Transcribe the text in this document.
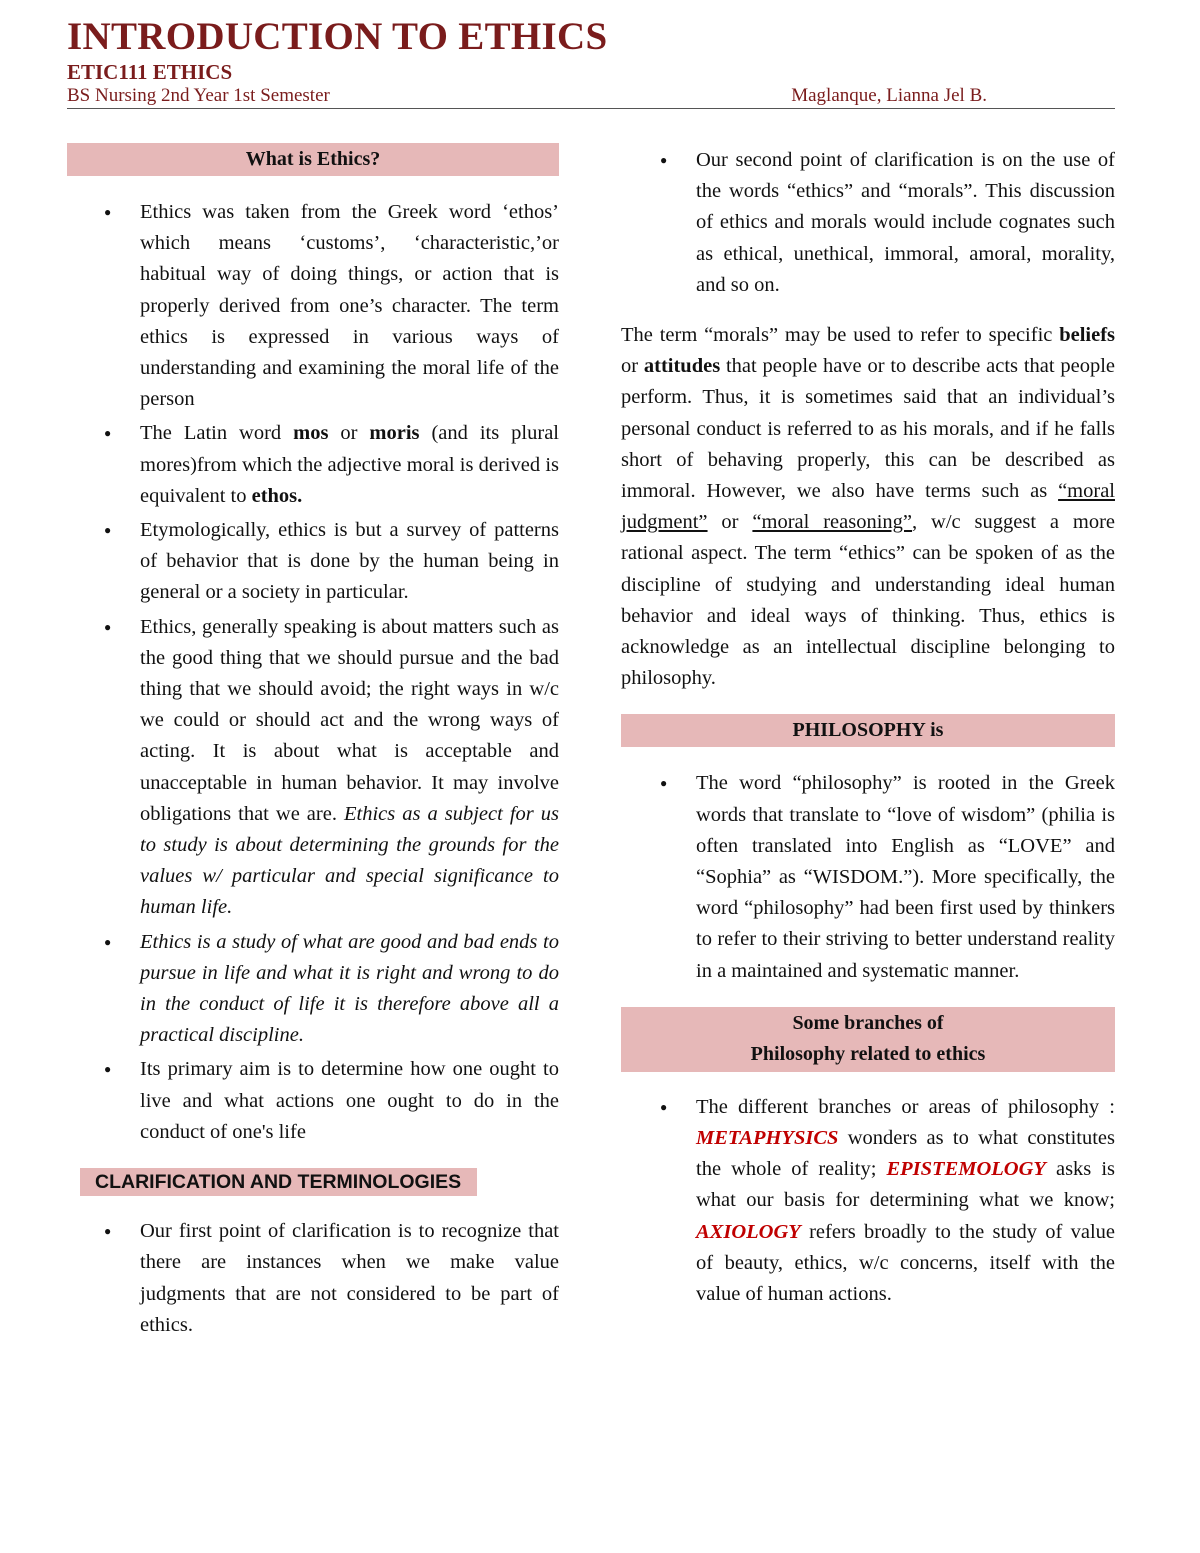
INTRODUCTION TO ETHICS
ETIC111 ETHICS
BS Nursing 2nd Year 1st Semester	Maglanque, Lianna Jel B.
What is Ethics?
● Ethics was taken from the Greek word ‘ethos’ which means ‘customs’, ‘characteristic,’or habitual way of doing things, or action that is properly derived from one’s character. The term ethics is expressed in various ways of understanding and examining the moral life of the person
● The Latin word mos or moris (and its plural mores)from which the adjective moral is derived is equivalent to ethos.
● Etymologically, ethics is but a survey of patterns of behavior that is done by the human being in general or a society in particular.
● Ethics, generally speaking is about matters such as the good thing that we should pursue and the bad thing that we should avoid; the right ways in w/c we could or should act and the wrong ways of acting. It is about what is acceptable and unacceptable in human behavior. It may involve obligations that we are. Ethics as a subject for us to study is about determining the grounds for the values w/ particular and special significance to human life.
● Ethics is a study of what are good and bad ends to pursue in life and what it is right and wrong to do in the conduct of life it is therefore above all a practical discipline.
● Its primary aim is to determine how one ought to live and what actions one ought to do in the conduct of one's life
CLARIFICATION AND TERMINOLOGIES
● Our first point of clarification is to recognize that there are instances when we make value judgments that are not considered to be part of ethics.
● Our second point of clarification is on the use of the words “ethics” and “morals”. This discussion of ethics and morals would include cognates such as ethical, unethical, immoral, amoral, morality, and so on.

The term “morals” may be used to refer to specific beliefs or attitudes that people have or to describe acts that people perform. Thus, it is sometimes said that an individual’s personal conduct is referred to as his morals, and if he falls short of behaving properly, this can be described as immoral. However, we also have terms such as “moral judgment” or “moral reasoning”, w/c suggest a more rational aspect. The term “ethics” can be spoken of as the discipline of studying and understanding ideal human behavior and ideal ways of thinking. Thus, ethics is acknowledge as an intellectual discipline belonging to philosophy.

PHILOSOPHY is
● The word “philosophy” is rooted in the Greek words that translate to “love of wisdom” (philia is often translated into English as “LOVE” and “Sophia” as “WISDOM.”). More specifically, the word “philosophy” had been first used by thinkers to refer to their striving to better understand reality in a maintained and systematic manner.
Some branches of
Philosophy related to ethics
● The different branches or areas of philosophy : METAPHYSICS wonders as to what constitutes the whole of reality; EPISTEMOLOGY asks is what our basis for determining what we know; AXIOLOGY refers broadly to the study of value of beauty, ethics, w/c concerns, itself with the value of human actions.
